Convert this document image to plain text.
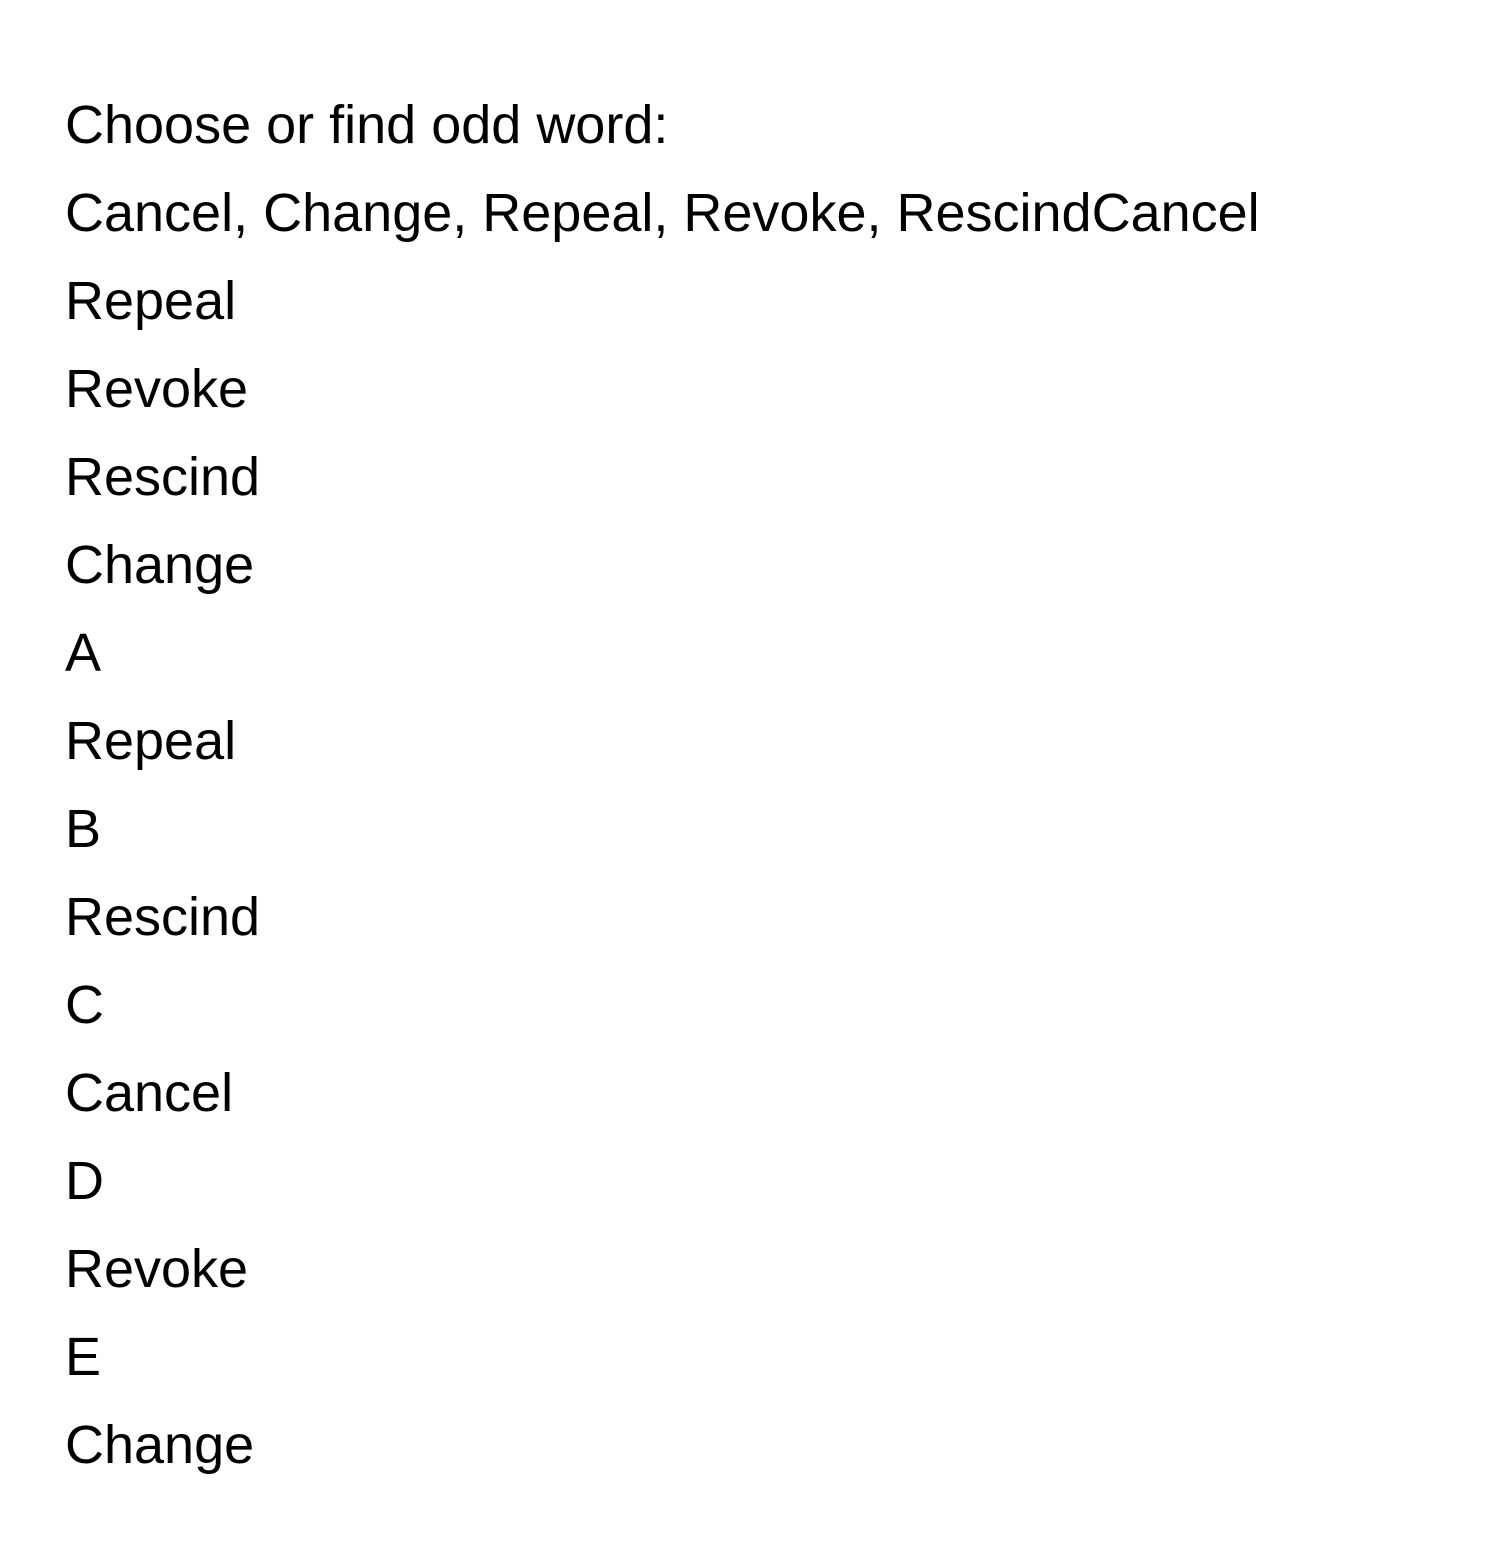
Choose or find odd word:
Cancel, Change, Repeal, Revoke, RescindCancel
Repeal
Revoke
Rescind
Change
A
Repeal
B
Rescind
C
Cancel
D
Revoke
E
Change
